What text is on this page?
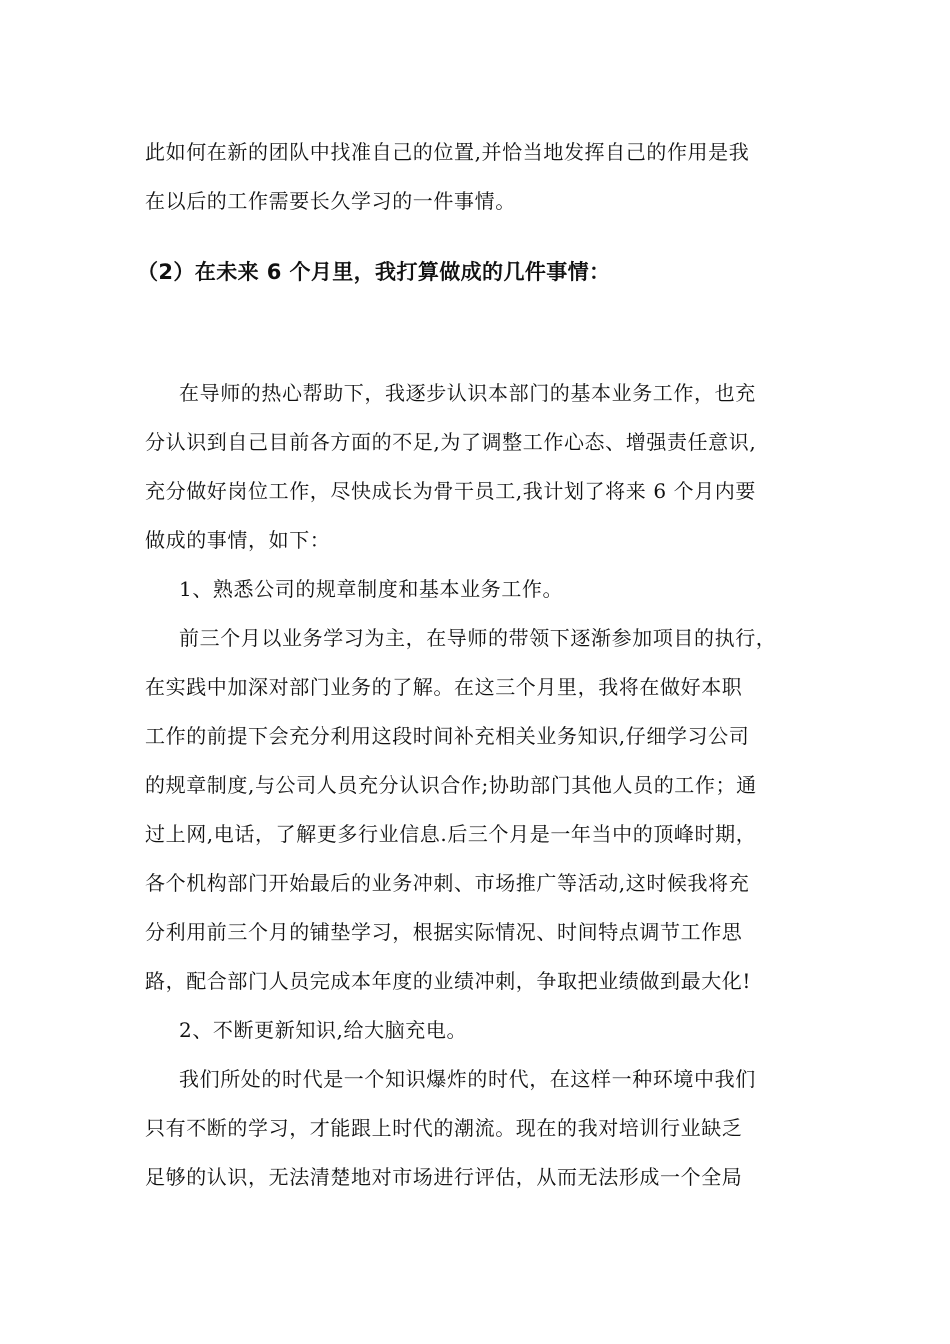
此如何在新的团队中找准自己的位置,并恰当地发挥自己的作用是我
在以后的工作需要长久学习的一件事情。
（2）在未来 6 个月里，我打算做成的几件事情：
在导师的热心帮助下，我逐步认识本部门的基本业务工作，也充
分认识到自己目前各方面的不足,为了调整工作心态、增强责任意识,
充分做好岗位工作，尽快成长为骨干员工,我计划了将来 6 个月内要
做成的事情，如下：
1、熟悉公司的规章制度和基本业务工作。
前三个月以业务学习为主，在导师的带领下逐渐参加项目的执行，
在实践中加深对部门业务的了解。在这三个月里，我将在做好本职
工作的前提下会充分利用这段时间补充相关业务知识,仔细学习公司
的规章制度,与公司人员充分认识合作;协助部门其他人员的工作；通
过上网,电话，了解更多行业信息.后三个月是一年当中的顶峰时期，
各个机构部门开始最后的业务冲刺、市场推广等活动,这时候我将充
分利用前三个月的铺垫学习，根据实际情况、时间特点调节工作思
路，配合部门人员完成本年度的业绩冲刺，争取把业绩做到最大化!
2、不断更新知识,给大脑充电。
我们所处的时代是一个知识爆炸的时代，在这样一种环境中我们
只有不断的学习，才能跟上时代的潮流。现在的我对培训行业缺乏
足够的认识，无法清楚地对市场进行评估，从而无法形成一个全局
